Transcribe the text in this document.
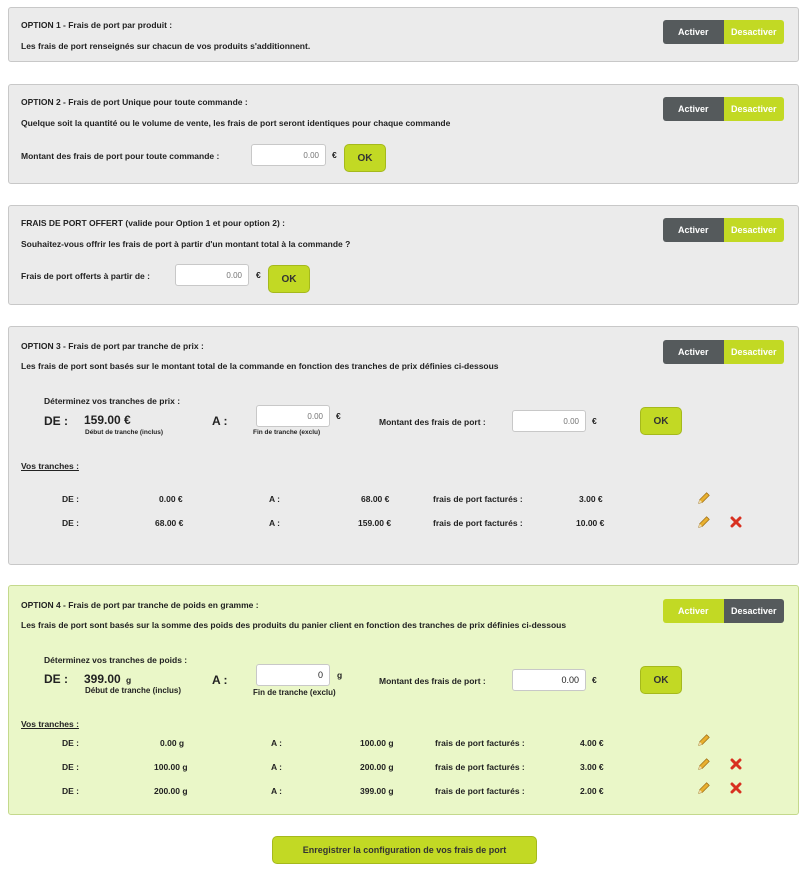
OPTION 1 - Frais de port par produit :
Les frais de port renseignés sur chacun de vos produits s'additionnent.
Activer	Desactiver
OPTION 2 - Frais de port Unique pour toute commande :
Quelque soit la quantité ou le volume de vente, les frais de port seront identiques pour chaque commande
Activer	Desactiver
Montant des frais de port pour toute commande :
0.00	€	OK
FRAIS DE PORT OFFERT (valide pour Option 1 et pour option 2) :
Souhaitez-vous offrir les frais de port à partir d'un montant total à la commande ?
Activer	Desactiver
Frais de port offerts à partir de :
0.00	€	OK
OPTION 3 - Frais de port par tranche de prix :
Les frais de port sont basés sur le montant total de la commande en fonction des tranches de prix définies ci-dessous
Activer	Desactiver
Déterminez vos tranches de prix :
DE : 159.00 €
Début de tranche (inclus)
A :
0.00	€
Fin de tranche (exclu)
Montant des frais de port :
0.00	€	OK
Vos tranches :
DE :	0.00 €	A :	68.00 €	frais de port facturés :	3.00 €
DE :	68.00 €	A :	159.00 €	frais de port facturés :	10.00 €
OPTION 4 - Frais de port par tranche de poids en gramme :
Les frais de port sont basés sur la somme des poids des produits du panier client en fonction des tranches de prix définies ci-dessous
Activer	Desactiver
Déterminez vos tranches de poids :
DE : 399.00 g
Début de tranche (inclus)
A :
0	g
Fin de tranche (exclu)
Montant des frais de port :
0.00	€	OK
Vos tranches :
DE :	0.00 g	A :	100.00 g	frais de port facturés :	4.00 €
DE :	100.00 g	A :	200.00 g	frais de port facturés :	3.00 €
DE :	200.00 g	A :	399.00 g	frais de port facturés :	2.00 €
Enregistrer la configuration de vos frais de port
